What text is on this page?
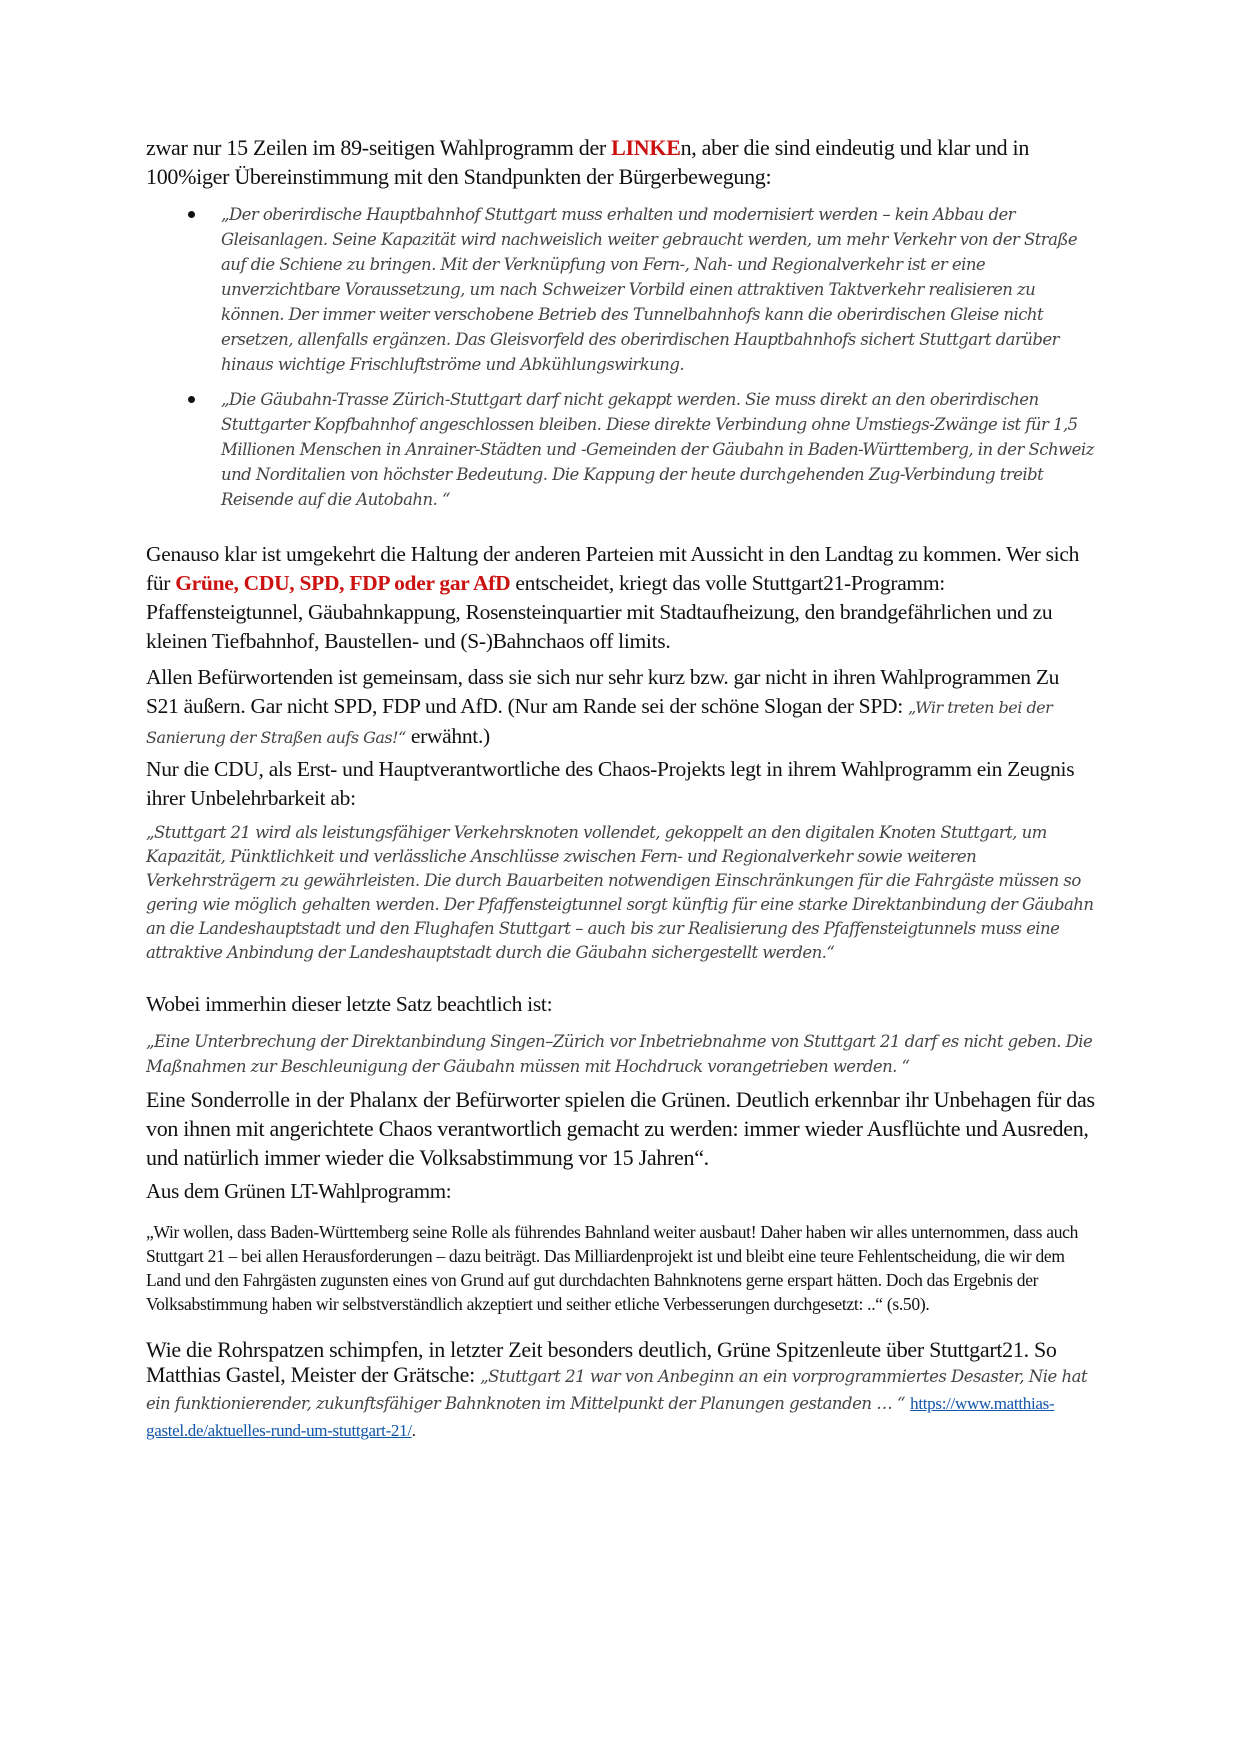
zwar nur 15 Zeilen im 89-seitigen Wahlprogramm der LINKEn, aber die sind eindeutig und klar und in 100%iger Übereinstimmung mit den Standpunkten der Bürgerbewegung:

„Der oberirdische Hauptbahnhof Stuttgart muss erhalten und modernisiert werden – kein Abbau der Gleisanlagen. Seine Kapazität wird nachweislich weiter gebraucht werden, um mehr Verkehr von der Straße auf die Schiene zu bringen. Mit der Verknüpfung von Fern-, Nah- und Regionalverkehr ist er eine unverzichtbare Voraussetzung, um nach Schweizer Vorbild einen attraktiven Taktverkehr realisieren zu können. Der immer weiter verschobene Betrieb des Tunnelbahnhofs kann die oberirdischen Gleise nicht ersetzen, allenfalls ergänzen. Das Gleisvorfeld des oberirdischen Hauptbahnhofs sichert Stuttgart darüber hinaus wichtige Frischluftströme und Abkühlungswirkung.
„Die Gäubahn-Trasse Zürich-Stuttgart darf nicht gekappt werden. Sie muss direkt an den oberirdischen Stuttgarter Kopfbahnhof angeschlossen bleiben. Diese direkte Verbindung ohne Umstiegs-Zwänge ist für 1,5 Millionen Menschen in Anrainer-Städten und -Gemeinden der Gäubahn in Baden-Württemberg, in der Schweiz und Norditalien von höchster Bedeutung. Die Kappung der heute durchgehenden Zug-Verbindung treibt Reisende auf die Autobahn. “

Genauso klar ist umgekehrt die Haltung der anderen Parteien mit Aussicht in den Landtag zu kommen. Wer sich für Grüne, CDU, SPD, FDP oder gar AfD entscheidet, kriegt das volle Stuttgart21-Programm: Pfaffensteigtunnel, Gäubahnkappung, Rosensteinquartier mit Stadtaufheizung, den brandgefährlichen und zu kleinen Tiefbahnhof, Baustellen- und (S-)Bahnchaos off limits.

Allen Befürwortenden ist gemeinsam, dass sie sich nur sehr kurz bzw. gar nicht in ihren Wahlprogrammen Zu S21 äußern. Gar nicht SPD, FDP und AfD. (Nur am Rande sei der schöne Slogan der SPD: „Wir treten bei der Sanierung der Straßen aufs Gas!“ erwähnt.)

Nur die CDU, als Erst- und Hauptverantwortliche des Chaos-Projekts legt in ihrem Wahlprogramm ein Zeugnis ihrer Unbelehrbarkeit ab:

„Stuttgart 21 wird als leistungsfähiger Verkehrsknoten vollendet, gekoppelt an den digitalen Knoten Stuttgart, um Kapazität, Pünktlichkeit und verlässliche Anschlüsse zwischen Fern- und Regionalverkehr sowie weiteren Verkehrsträgern zu gewährleisten. Die durch Bauarbeiten notwendigen Einschränkungen für die Fahrgäste müssen so gering wie möglich gehalten werden. Der Pfaffensteigtunnel sorgt künftig für eine starke Direktanbindung der Gäubahn an die Landeshauptstadt und den Flughafen Stuttgart – auch bis zur Realisierung des Pfaffensteigtunnels muss eine attraktive Anbindung der Landeshauptstadt durch die Gäubahn sichergestellt werden.“

Wobei immerhin dieser letzte Satz beachtlich ist:

„Eine Unterbrechung der Direktanbindung Singen–Zürich vor Inbetriebnahme von Stuttgart 21 darf es nicht geben. Die Maßnahmen zur Beschleunigung der Gäubahn müssen mit Hochdruck vorangetrieben werden. “

Eine Sonderrolle in der Phalanx der Befürworter spielen die Grünen. Deutlich erkennbar ihr Unbehagen für das von ihnen mit angerichtete Chaos verantwortlich gemacht zu werden: immer wieder Ausflüchte und Ausreden, und natürlich immer wieder die Volksabstimmung vor 15 Jahren“.

Aus dem Grünen LT-Wahlprogramm:

„Wir wollen, dass Baden-Württemberg seine Rolle als führendes Bahnland weiter ausbaut! Daher haben wir alles unternommen, dass auch Stuttgart 21 – bei allen Herausforderungen – dazu beiträgt. Das Milliardenprojekt ist und bleibt eine teure Fehlentscheidung, die wir dem Land und den Fahrgästen zugunsten eines von Grund auf gut durchdachten Bahnknotens gerne erspart hätten. Doch das Ergebnis der Volksabstimmung haben wir selbstverständlich akzeptiert und seither etliche Verbesserungen durchgesetzt: ..“ (s.50).

Wie die Rohrspatzen schimpfen, in letzter Zeit besonders deutlich, Grüne Spitzenleute über Stuttgart21. So Matthias Gastel, Meister der Grätsche: „Stuttgart 21 war von Anbeginn an ein vorprogrammiertes Desaster, Nie hat ein funktionierender, zukunftsfähiger Bahnknoten im Mittelpunkt der Planungen gestanden … “ https://www.matthias-gastel.de/aktuelles-rund-um-stuttgart-21/.
